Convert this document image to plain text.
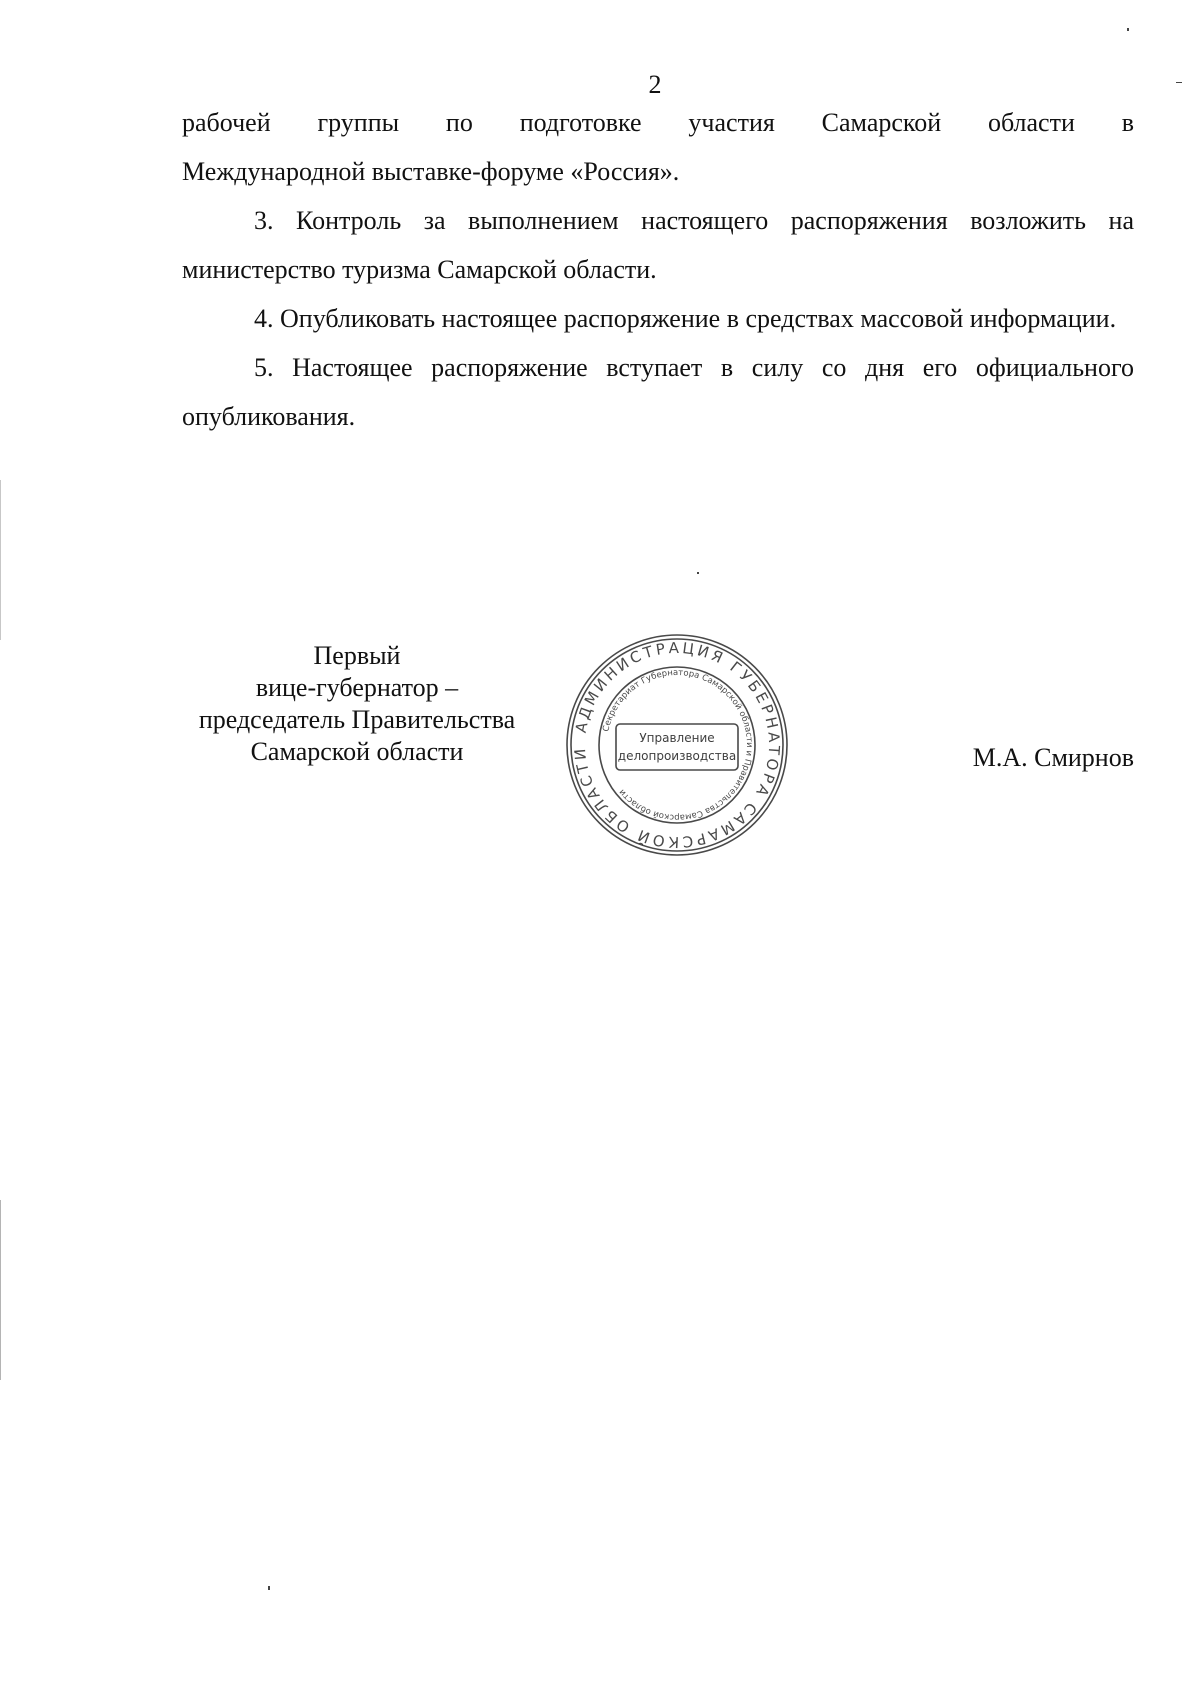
2

рабочей группы по подготовке участия Самарской области в

Международной выставке-форуме «Россия».

3. Контроль за выполнением настоящего распоряжения возложить на министерство туризма Самарской области.

4. Опубликовать настоящее распоряжение в средствах массовой информации.

5. Настоящее распоряжение вступает в силу со дня его официального опубликования.

Первый
вице-губернатор –
председатель Правительства
Самарской области
АДМИНИСТРАЦИЯ ГУБЕРНАТОРА САМАРСКОЙ ОБЛАСТИ
Секретариат Губернатора Самарской области и Правительства Самарской области
Управление
делопроизводства	М.А. Смирнов
